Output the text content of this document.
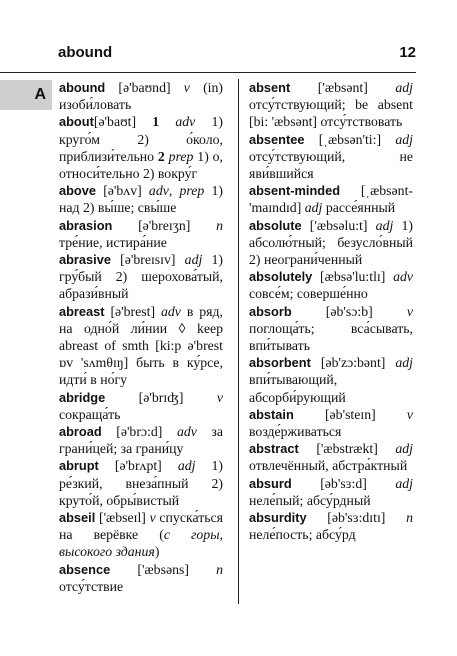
abound	12
A	abound [ə'baʊnd] v (in) изоби́ловать

about[ə'baʊt] 1 adv 1) круго́м 2) о́коло, приблизи́тельно 2 prep 1) о, относи́тельно 2) вокру́г

above [ə'bʌv] adv, prep 1) над 2) вы́ше; свы́ше

abrasion [ə'breɪʒn] n тре́ние, истира́ние

abrasive [ə'breɪsɪv] adj 1) гру́бый 2) шерохова́тый, абрази́вный

abreast [ə'brest] adv в ряд, на одно́й ли́нии ◊ keep abreast of smth [ki:p ə'brest ɒv 'sʌmθɪŋ] быть в ку́рсе, идти́ в но́гу

abridge [ə'brɪʤ] v сокраща́ть

abroad [ə'brɔ:d] adv за грани́цей; за грани́цу

abrupt [ə'brʌpt] adj 1) ре́зкий, внеза́пный 2) круто́й, обры́вистый

abseil ['æbseɪl] v спуска́ться на верёвке (с горы, высокого здания)

absence ['æbsəns] n отсу́тствие

absent ['æbsənt] adj отсу́тствующий; be absent [bi: 'æbsənt] отсу́тствовать

absentee [ˌæbsən'ti:] adj отсу́тствующий, не яви́вшийся

absent-minded [ˌæbsənt-'maɪndɪd] adj рассе́янный

absolute ['æbsəlu:t] adj 1) абсолю́тный; безусло́вный 2) неограни́ченный

absolutely [æbsə'lu:tlɪ] adv совсе́м; соверше́нно

absorb [əb'sɔ:b] v поглоща́ть; вса́сывать, впи́тывать

absorbent [əb'zɔ:bənt] adj впи́тывающий, абсорби́рующий

abstain [əb'steɪn] v возде́рживаться

abstract ['æbstrækt] adj отвлечённый, абстра́ктный

absurd [əb'sɜ:d] adj неле́пый; абсу́рдный

absurdity [əb'sɜ:dɪtɪ] n неле́пость; абсу́рд
